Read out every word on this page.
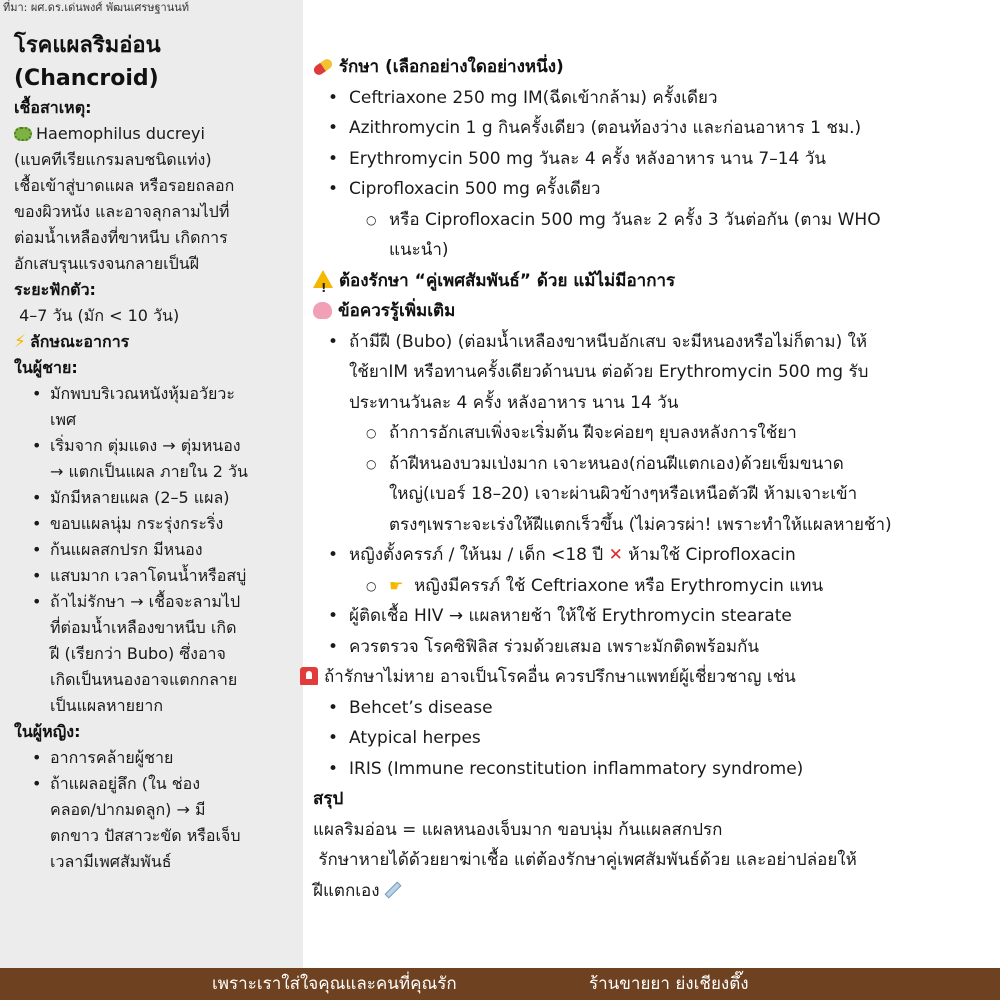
ที่มา: ผศ.ดร.เด่นพงศ์ พัฒนเศรษฐานนท์
โรคแผลริมอ่อน
(Chancroid)
เชื้อสาเหตุ:
Haemophilus ducreyi
(แบคทีเรียแกรมลบชนิดแท่ง)
เชื้อเข้าสู่บาดแผล หรือรอยถลอก
ของผิวหนัง และอาจลุกลามไปที่
ต่อมน้ำเหลืองที่ขาหนีบ เกิดการ
อักเสบรุนแรงจนกลายเป็นฝี
ระยะฟักตัว:
4–7 วัน (มัก < 10 วัน)
⚡ ลักษณะอาการ
ในผู้ชาย:
• มักพบบริเวณหนังหุ้มอวัยวะ
เพศ
• เริ่มจาก ตุ่มแดง → ตุ่มหนอง
→ แตกเป็นแผล ภายใน 2 วัน
• มักมีหลายแผล (2–5 แผล)
• ขอบแผลนุ่ม กระรุ่งกระริ่ง
• ก้นแผลสกปรก มีหนอง
• แสบมาก เวลาโดนน้ำหรือสบู่
• ถ้าไม่รักษา → เชื้อจะลามไป
ที่ต่อมน้ำเหลืองขาหนีบ เกิด
ฝี (เรียกว่า Bubo) ซึ่งอาจ
เกิดเป็นหนองอาจแตกกลาย
เป็นแผลหายยาก
ในผู้หญิง:
• อาการคล้ายผู้ชาย
• ถ้าแผลอยู่ลึก (ใน ช่อง
คลอด/ปากมดลูก) → มี
ตกขาว ปัสสาวะขัด หรือเจ็บ
เวลามีเพศสัมพันธ์
รักษา (เลือกอย่างใดอย่างหนึ่ง)
• Ceftriaxone 250 mg IM(ฉีดเข้ากล้าม) ครั้งเดียว
• Azithromycin 1 g กินครั้งเดียว (ตอนท้องว่าง และก่อนอาหาร 1 ชม.)
• Erythromycin 500 mg วันละ 4 ครั้ง หลังอาหาร นาน 7–14 วัน
• Ciprofloxacin 500 mg ครั้งเดียว
○ หรือ Ciprofloxacin 500 mg วันละ 2 ครั้ง 3 วันต่อกัน (ตาม WHO
แนะนำ)
!ต้องรักษา “คู่เพศสัมพันธ์” ด้วย แม้ไม่มีอาการ
ข้อควรรู้เพิ่มเติม
• ถ้ามีฝี (Bubo) (ต่อมน้ำเหลืองขาหนีบอักเสบ จะมีหนองหรือไม่ก็ตาม) ให้
ใช้ยาIM หรือทานครั้งเดียวด้านบน ต่อด้วย Erythromycin 500 mg รับ
ประทานวันละ 4 ครั้ง หลังอาหาร นาน 14 วัน
○ ถ้าการอักเสบเพิ่งจะเริ่มต้น ฝีจะค่อยๆ ยุบลงหลังการใช้ยา
○ ถ้าฝีหนองบวมเป่งมาก เจาะหนอง(ก่อนฝีแตกเอง)ด้วยเข็มขนาด
ใหญ่(เบอร์ 18–20) เจาะผ่านผิวข้างๆหรือเหนือตัวฝี ห้ามเจาะเข้า
ตรงๆเพราะจะเร่งให้ฝีแตกเร็วขึ้น (ไม่ควรผ่า! เพราะทำให้แผลหายช้า)
• หญิงตั้งครรภ์ / ให้นม / เด็ก <18 ปี ✕ ห้ามใช้ Ciprofloxacin
○ ☛ หญิงมีครรภ์ ใช้ Ceftriaxone หรือ Erythromycin แทน
• ผู้ติดเชื้อ HIV → แผลหายช้า ให้ใช้ Erythromycin stearate
• ควรตรวจ โรคซิฟิลิส ร่วมด้วยเสมอ เพราะมักติดพร้อมกัน
ถ้ารักษาไม่หาย อาจเป็นโรคอื่น ควรปรึกษาแพทย์ผู้เชี่ยวชาญ เช่น
• Behcet’s disease
• Atypical herpes
• IRIS (Immune reconstitution inflammatory syndrome)
สรุป
แผลริมอ่อน = แผลหนองเจ็บมาก ขอบนุ่ม ก้นแผลสกปรก
รักษาหายได้ด้วยยาฆ่าเชื้อ แต่ต้องรักษาคู่เพศสัมพันธ์ด้วย และอย่าปล่อยให้
ฝีแตกเอง
เพราะเราใส่ใจคุณและคนที่คุณรัก	ร้านขายยา ย่งเชียงตึ๊ง
